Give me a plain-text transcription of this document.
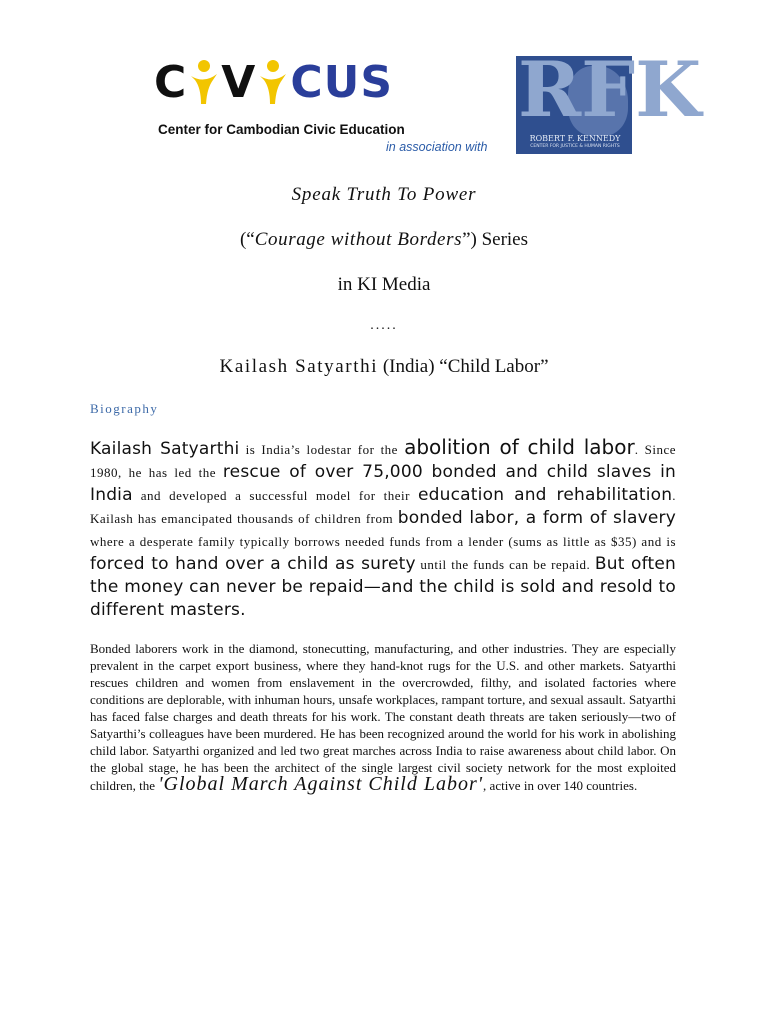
C V CUS
Center for Cambodian Civic Education
in association with
RFK
ROBERT F. KENNEDY
CENTER FOR JUSTICE & HUMAN RIGHTS
Speak Truth To Power
(“Courage without Borders”) Series
in KI Media
.....
Kailash Satyarthi (India) “Child Labor”
Biography
Kailash Satyarthi is India’s lodestar for the abolition of child labor. Since 1980, he has led the rescue of over 75,000 bonded and child slaves in India and developed a successful model for their education and rehabilitation. Kailash has emancipated thousands of children from bonded labor, a form of slavery where a desperate family typically borrows needed funds from a lender (sums as little as $35) and is forced to hand over a child as surety until the funds can be repaid. But often the money can never be repaid—and the child is sold and resold to different masters.
Bonded laborers work in the diamond, stonecutting, manufacturing, and other industries. They are especially prevalent in the carpet export business, where they hand-knot rugs for the U.S. and other markets. Satyarthi rescues children and women from enslavement in the overcrowded, filthy, and isolated factories where conditions are deplorable, with inhuman hours, unsafe workplaces, rampant torture, and sexual assault. Satyarthi has faced false charges and death threats for his work. The constant death threats are taken seriously—two of Satyarthi’s colleagues have been murdered. He has been recognized around the world for his work in abolishing child labor. Satyarthi organized and led two great marches across India to raise awareness about child labor. On the global stage, he has been the architect of the single largest civil society network for the most exploited children, the 'Global March Against Child Labor', active in over 140 countries.
